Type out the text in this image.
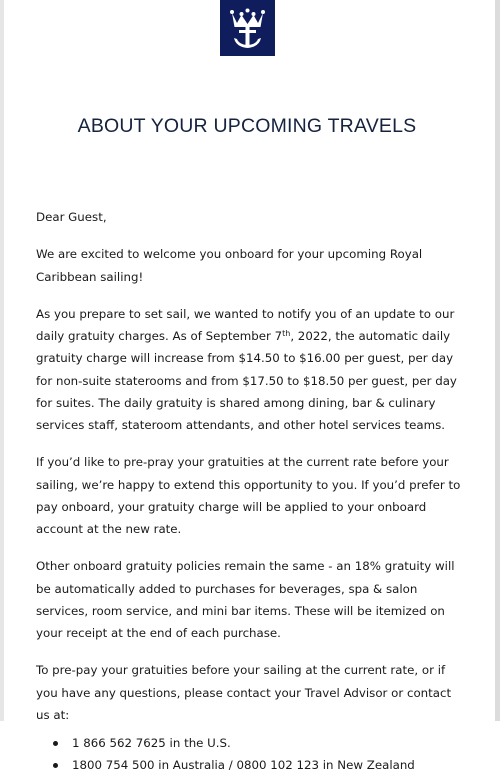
ABOUT YOUR UPCOMING TRAVELS

Dear Guest,

We are excited to welcome you onboard for your upcoming Royal Caribbean sailing!

As you prepare to set sail, we wanted to notify you of an update to our daily gratuity charges. As of September 7th, 2022, the automatic daily gratuity charge will increase from $14.50 to $16.00 per guest, per day for non-suite staterooms and from $17.50 to $18.50 per guest, per day for suites. The daily gratuity is shared among dining, bar & culinary services staff, stateroom attendants, and other hotel services teams.

If you’d like to pre-pray your gratuities at the current rate before your sailing, we’re happy to extend this opportunity to you. If you’d prefer to pay onboard, your gratuity charge will be applied to your onboard account at the new rate.

Other onboard gratuity policies remain the same - an 18% gratuity will be automatically added to purchases for beverages, spa & salon services, room service, and mini bar items. These will be itemized on your receipt at the end of each purchase.

To pre-pay your gratuities before your sailing at the current rate, or if you have any questions, please contact your Travel Advisor or contact us at:

1 866 562 7625 in the U.S.
1800 754 500 in Australia / 0800 102 123 in New Zealand
